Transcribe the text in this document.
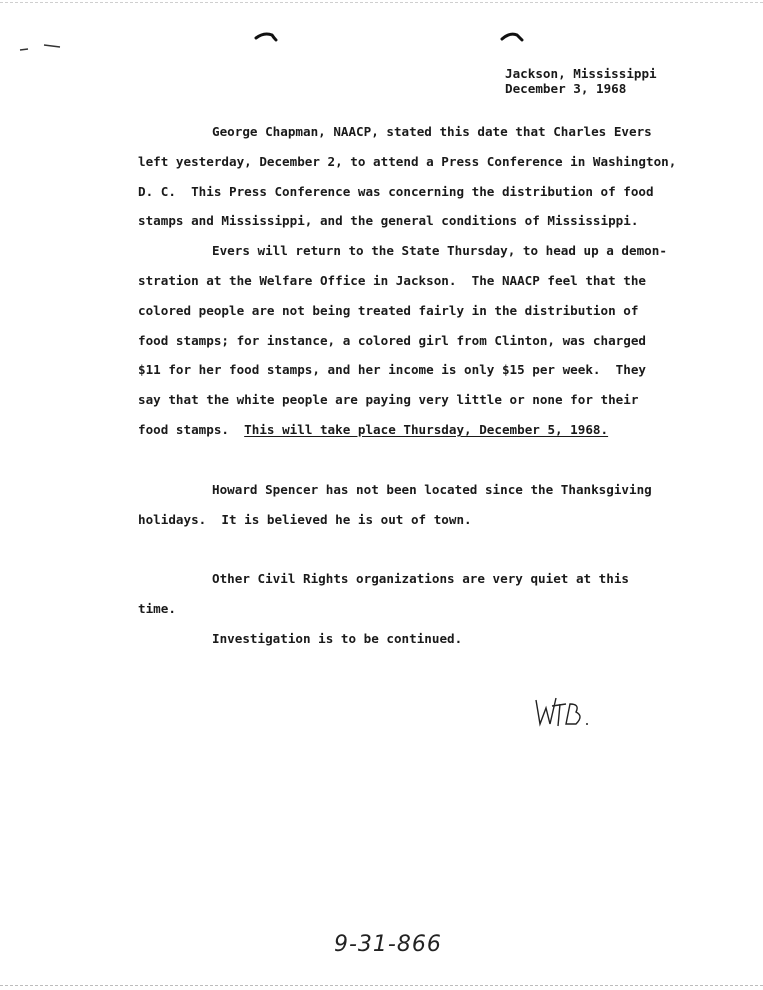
Jackson, Mississippi
December 3, 1968
George Chapman, NAACP, stated this date that Charles Evers
left yesterday, December 2, to attend a Press Conference in Washington,
D. C.  This Press Conference was concerning the distribution of food
stamps and Mississippi, and the general conditions of Mississippi.
Evers will return to the State Thursday, to head up a demon-
stration at the Welfare Office in Jackson.  The NAACP feel that the
colored people are not being treated fairly in the distribution of
food stamps; for instance, a colored girl from Clinton, was charged
$11 for her food stamps, and her income is only $15 per week.  They
say that the white people are paying very little or none for their
food stamps.  This will take place Thursday, December 5, 1968.
Howard Spencer has not been located since the Thanksgiving
holidays.  It is believed he is out of town.
Other Civil Rights organizations are very quiet at this
time.
Investigation is to be continued.
9-31-866
